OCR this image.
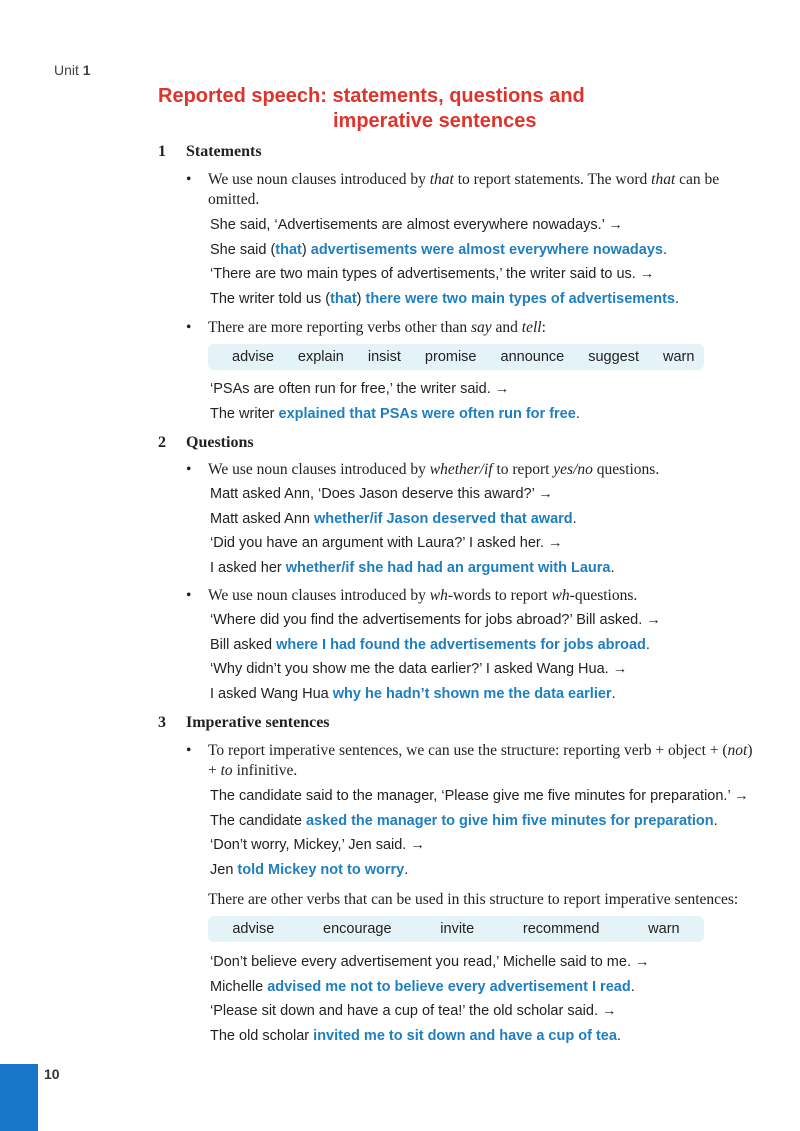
Unit 1
Reported speech: statements, questions and
imperative sentences
1 Statements

• We use noun clauses introduced by that to report statements. The word that can be omitted.

She said, ‘Advertisements are almost everywhere nowadays.’ →
She said (that) advertisements were almost everywhere nowadays.
‘There are two main types of advertisements,’ the writer said to us. →
The writer told us (that) there were two main types of advertisements.

• There are more reporting verbs other than say and tell:

advise explain insist promise announce suggest warn
‘PSAs are often run for free,’ the writer said. →
The writer explained that PSAs were often run for free.
2 Questions

• We use noun clauses introduced by whether/if to report yes/no questions.

Matt asked Ann, ‘Does Jason deserve this award?’ →
Matt asked Ann whether/if Jason deserved that award.
‘Did you have an argument with Laura?’ I asked her. →
I asked her whether/if she had had an argument with Laura.

• We use noun clauses introduced by wh-words to report wh-questions.

‘Where did you find the advertisements for jobs abroad?’ Bill asked. →
Bill asked where I had found the advertisements for jobs abroad.
‘Why didn’t you show me the data earlier?’ I asked Wang Hua. →
I asked Wang Hua why he hadn’t shown me the data earlier.
3 Imperative sentences

• To report imperative sentences, we can use the structure: reporting verb + object + (not) + to infinitive.

The candidate said to the manager, ‘Please give me five minutes for preparation.’ →
The candidate asked the manager to give him five minutes for preparation.
‘Don’t worry, Mickey,’ Jen said. →
Jen told Mickey not to worry.

There are other verbs that can be used in this structure to report imperative sentences:

advise	encourage	invite	recommend	warn
‘Don’t believe every advertisement you read,’ Michelle said to me. →
Michelle advised me not to believe every advertisement I read.
‘Please sit down and have a cup of tea!’ the old scholar said. →
The old scholar invited me to sit down and have a cup of tea.
10
